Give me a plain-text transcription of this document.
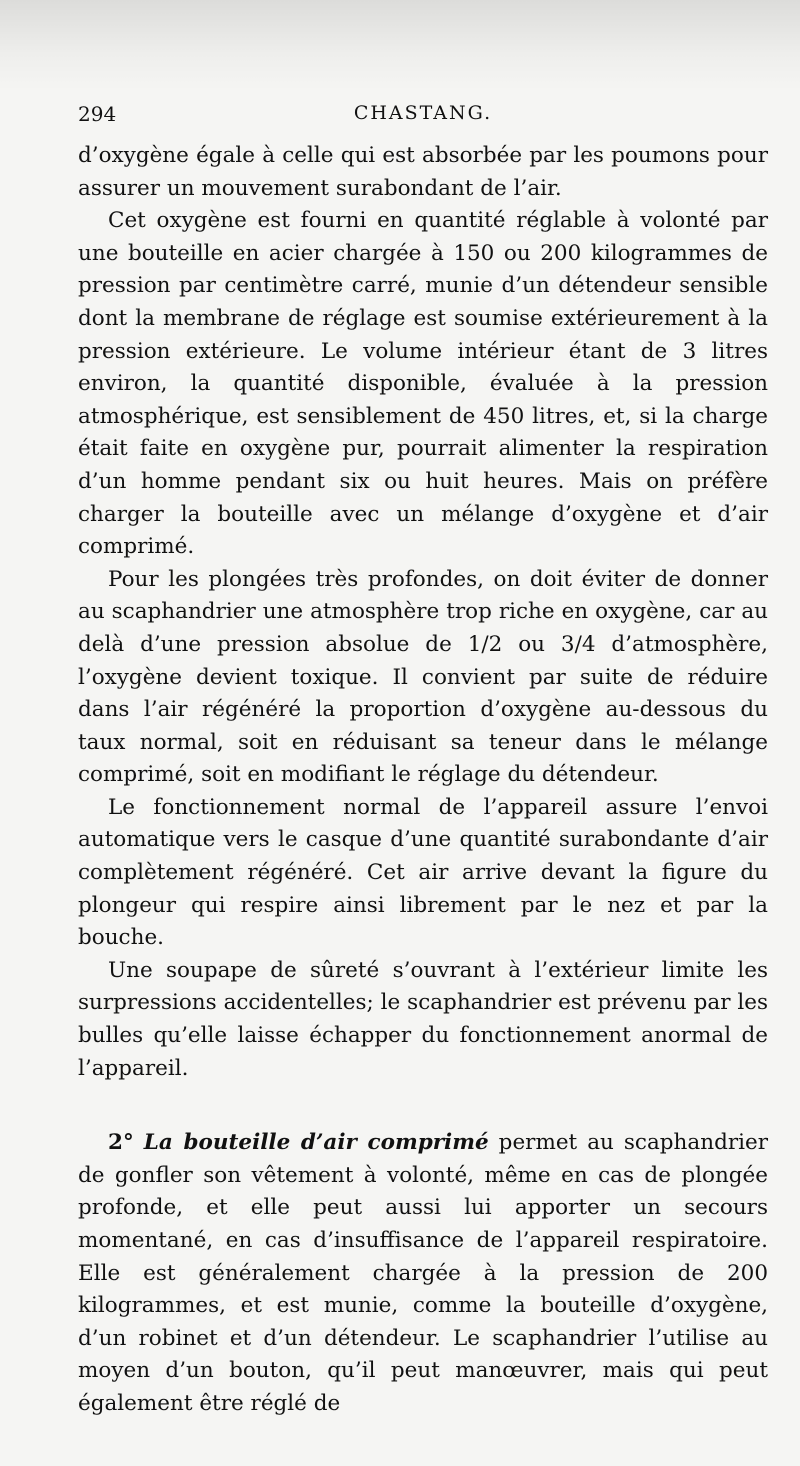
294	CHASTANG.

d’oxygène égale à celle qui est absorbée par les poumons pour assurer un mouvement surabondant de l’air.

Cet oxygène est fourni en quantité réglable à volonté par une bouteille en acier chargée à 150 ou 200 kilogrammes de pression par centimètre carré, munie d’un détendeur sensible dont la membrane de réglage est soumise extérieurement à la pression extérieure. Le volume intérieur étant de 3 litres environ, la quantité disponible, évaluée à la pression atmosphérique, est sensiblement de 450 litres, et, si la charge était faite en oxygène pur, pourrait alimenter la respiration d’un homme pendant six ou huit heures. Mais on préfère charger la bouteille avec un mélange d’oxygène et d’air comprimé.

Pour les plongées très profondes, on doit éviter de donner au scaphandrier une atmosphère trop riche en oxygène, car au delà d’une pression absolue de 1/2 ou 3/4 d’atmosphère, l’oxygène devient toxique. Il convient par suite de réduire dans l’air régénéré la proportion d’oxygène au-dessous du taux normal, soit en réduisant sa teneur dans le mélange comprimé, soit en modifiant le réglage du détendeur.

Le fonctionnement normal de l’appareil assure l’envoi automatique vers le casque d’une quantité surabondante d’air complètement régénéré. Cet air arrive devant la figure du plongeur qui respire ainsi librement par le nez et par la bouche.

Une soupape de sûreté s’ouvrant à l’extérieur limite les surpressions accidentelles; le scaphandrier est prévenu par les bulles qu’elle laisse échapper du fonctionnement anormal de l’appareil.

2° La bouteille d’air comprimé permet au scaphandrier de gonfler son vêtement à volonté, même en cas de plongée profonde, et elle peut aussi lui apporter un secours momentané, en cas d’insuffisance de l’appareil respiratoire. Elle est généralement chargée à la pression de 200 kilogrammes, et est munie, comme la bouteille d’oxygène, d’un robinet et d’un détendeur. Le scaphandrier l’utilise au moyen d’un bouton, qu’il peut manœuvrer, mais qui peut également être réglé de
